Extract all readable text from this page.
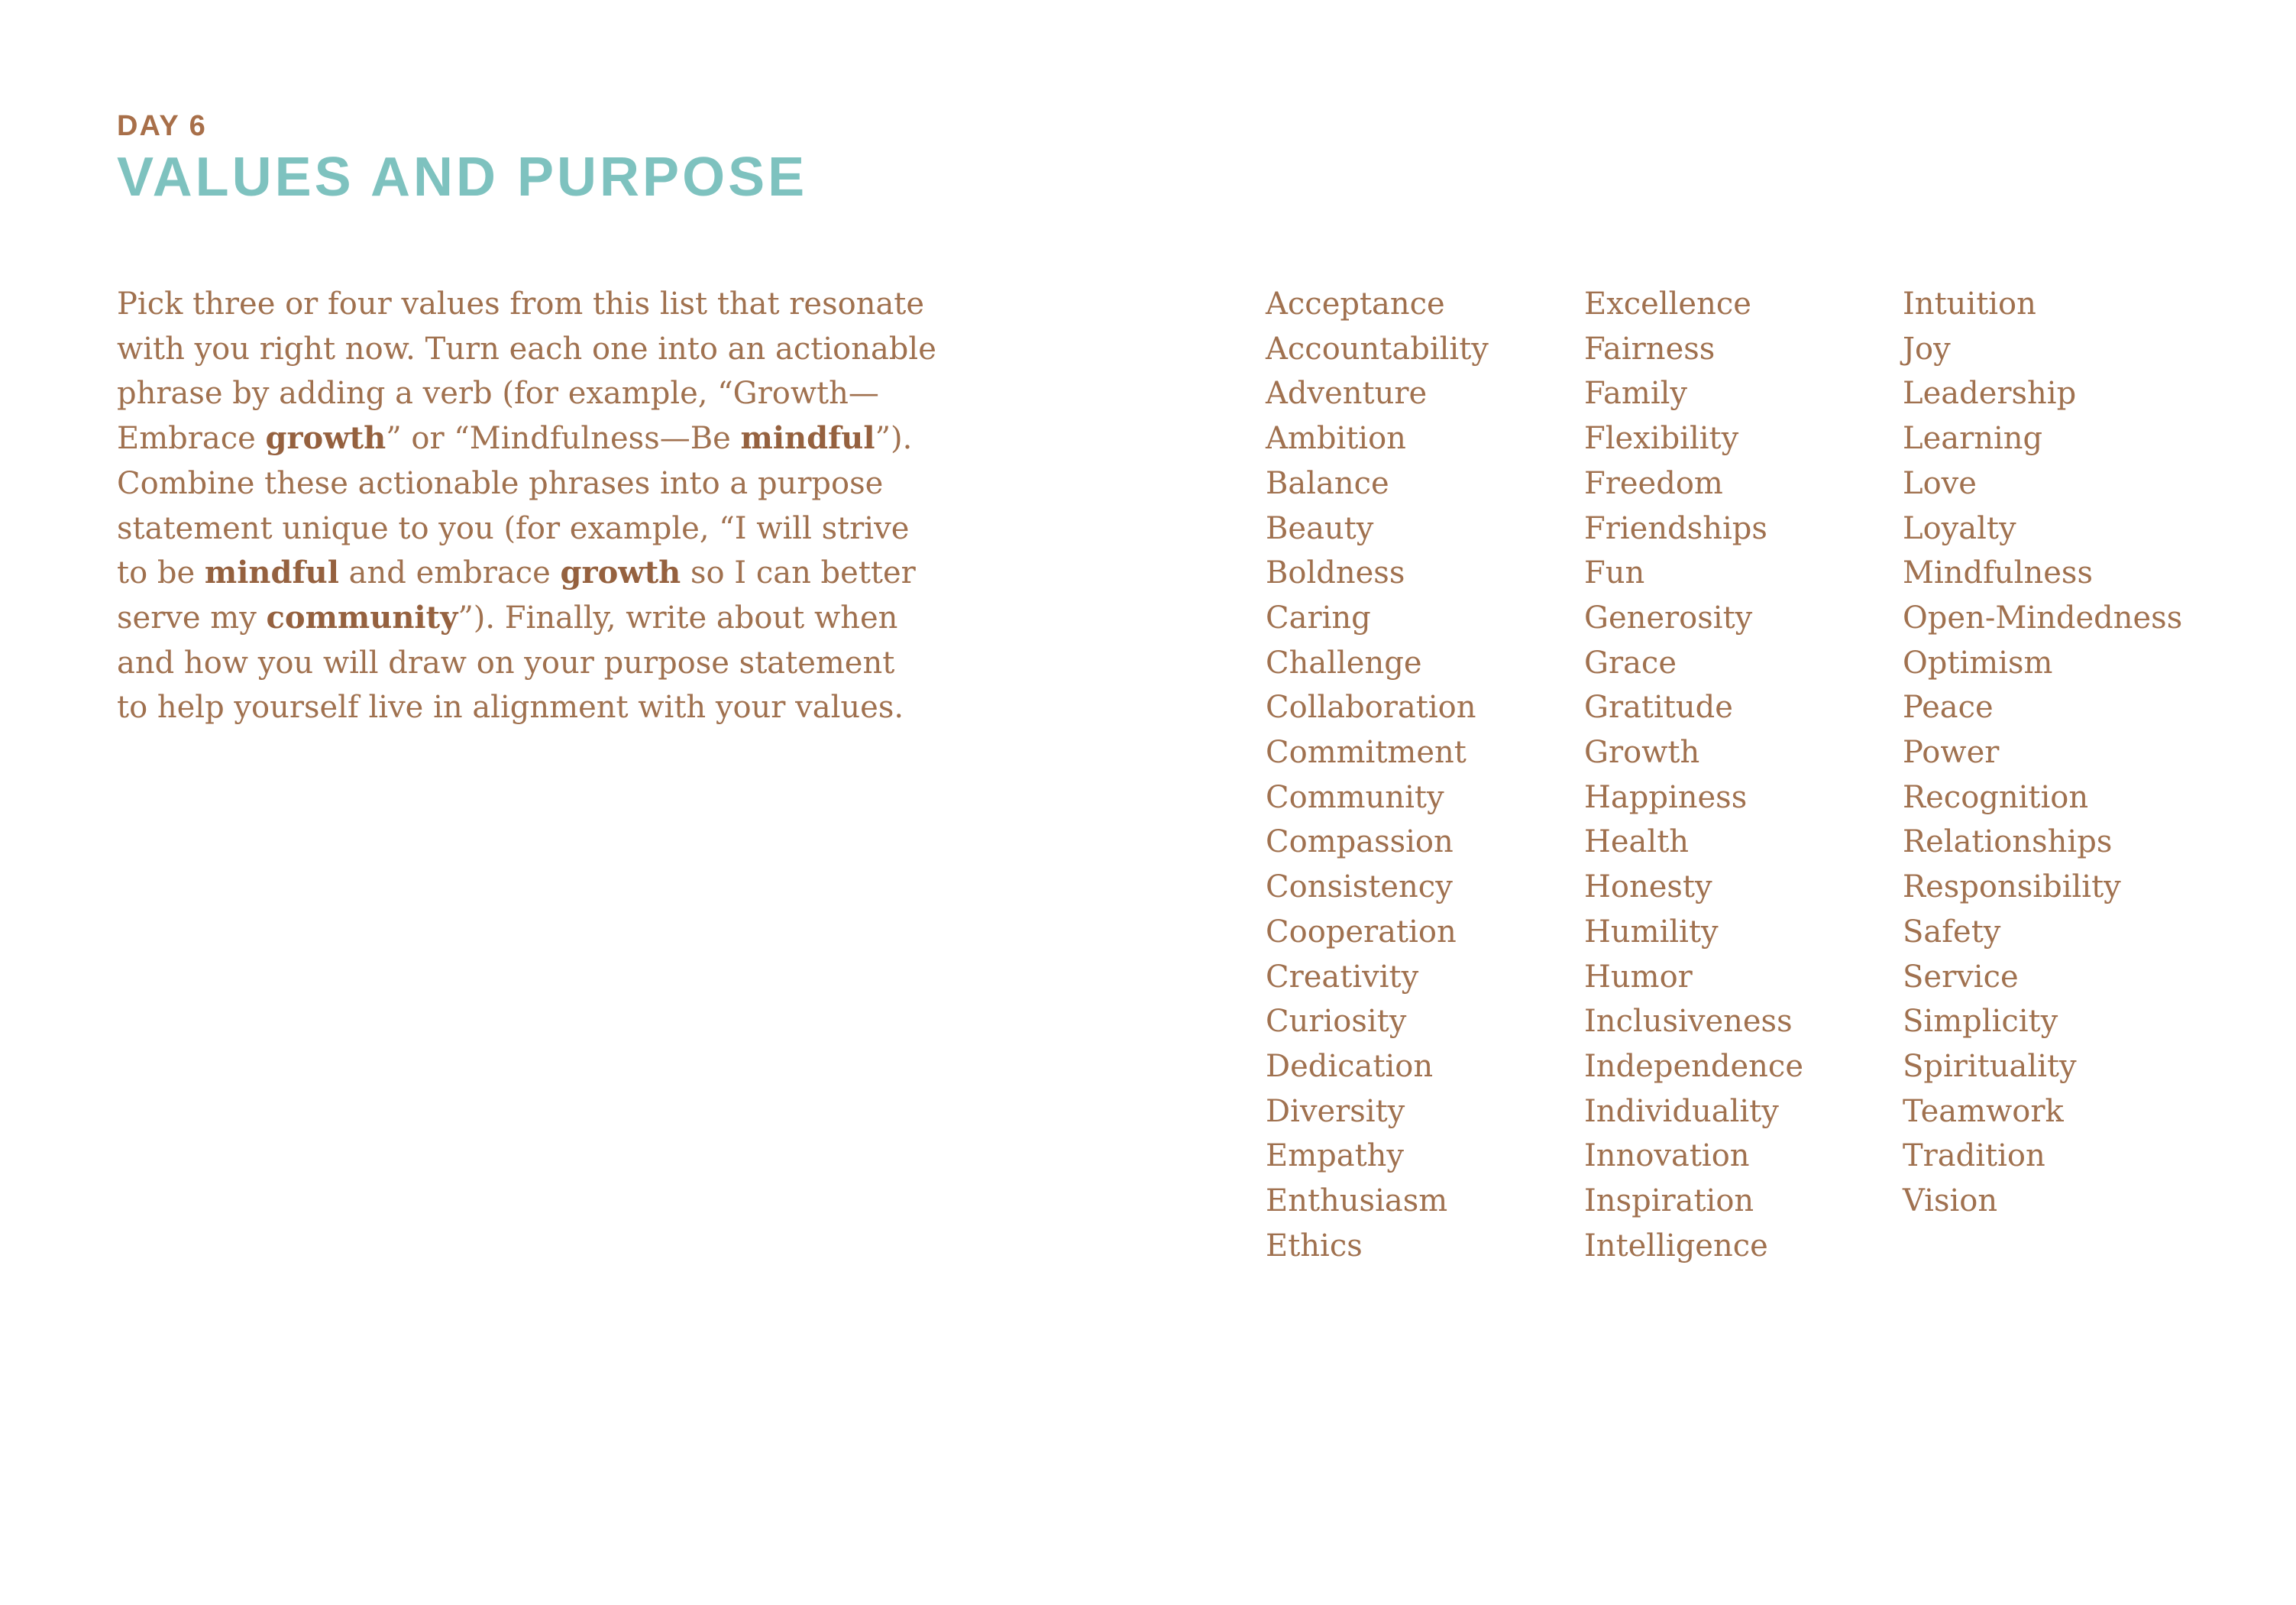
DAY 6
VALUES AND PURPOSE
Pick three or four values from this list that resonate
with you right now. Turn each one into an actionable
phrase by adding a verb (for example, “Growth—
Embrace growth” or “Mindfulness—Be mindful”).
Combine these actionable phrases into a purpose
statement unique to you (for example, “I will strive
to be mindful and embrace growth so I can better
serve my community”). Finally, write about when
and how you will draw on your purpose statement
to help yourself live in alignment with your values.
Acceptance
Accountability
Adventure
Ambition
Balance
Beauty
Boldness
Caring
Challenge
Collaboration
Commitment
Community
Compassion
Consistency
Cooperation
Creativity
Curiosity
Dedication
Diversity
Empathy
Enthusiasm
Ethics
Excellence
Fairness
Family
Flexibility
Freedom
Friendships
Fun
Generosity
Grace
Gratitude
Growth
Happiness
Health
Honesty
Humility
Humor
Inclusiveness
Independence
Individuality
Innovation
Inspiration
Intelligence
Intuition
Joy
Leadership
Learning
Love
Loyalty
Mindfulness
Open-Mindedness
Optimism
Peace
Power
Recognition
Relationships
Responsibility
Safety
Service
Simplicity
Spirituality
Teamwork
Tradition
Vision
